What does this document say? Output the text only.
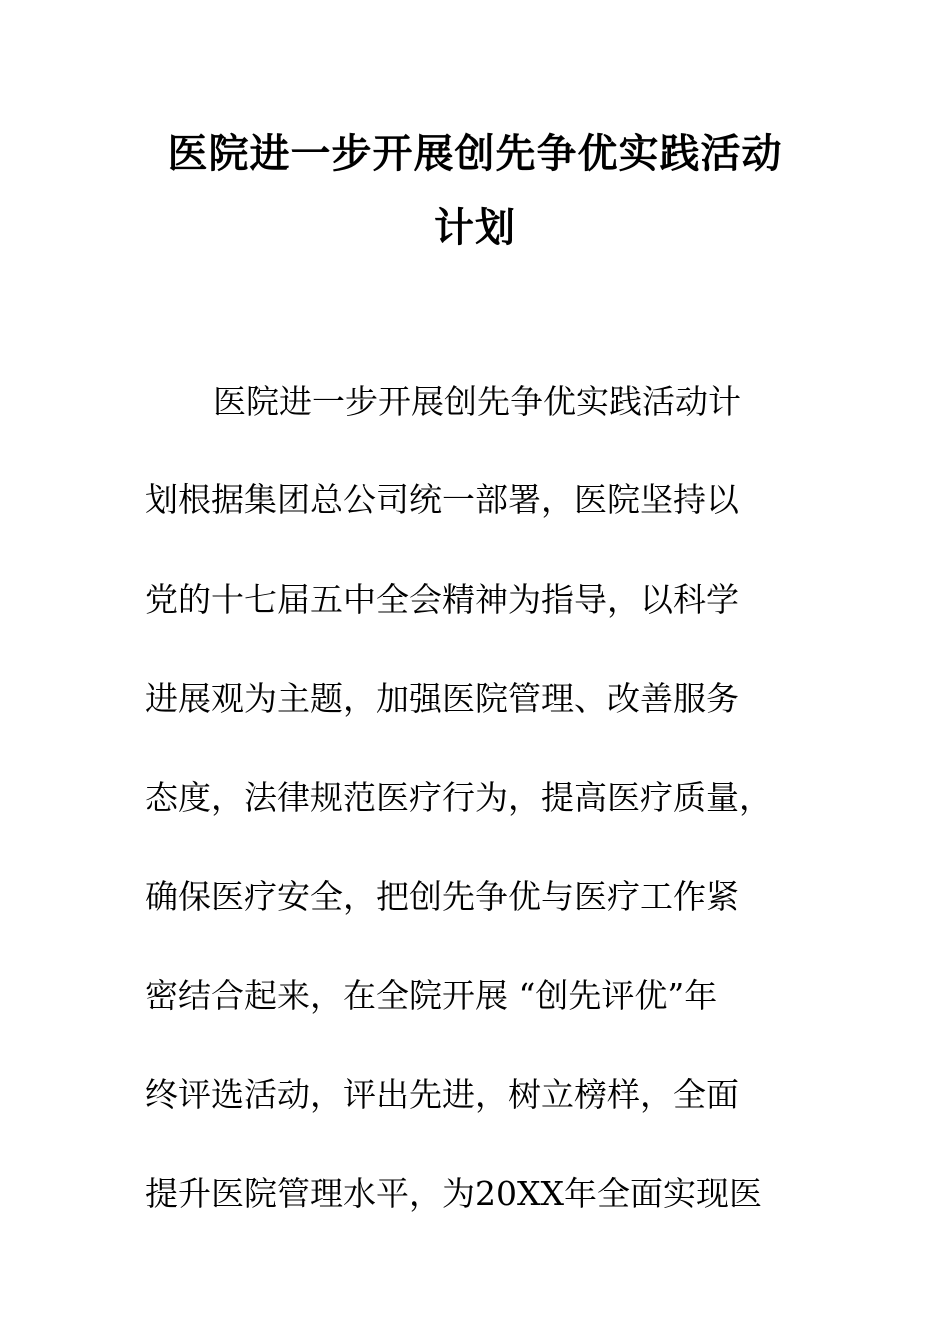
医院进一步开展创先争优实践活动
计划
医院进一步开展创先争优实践活动计
划根据集团总公司统一部署，医院坚持以
党的十七届五中全会精神为指导，以科学
进展观为主题，加强医院管理、改善服务
态度，法律规范医疗行为，提高医疗质量，
确保医疗安全，把创先争优与医疗工作紧
密结合起来，在全院开展 “创先评优”年
终评选活动，评出先进，树立榜样，全面
提升医院管理水平，为20XX年全面实现医
